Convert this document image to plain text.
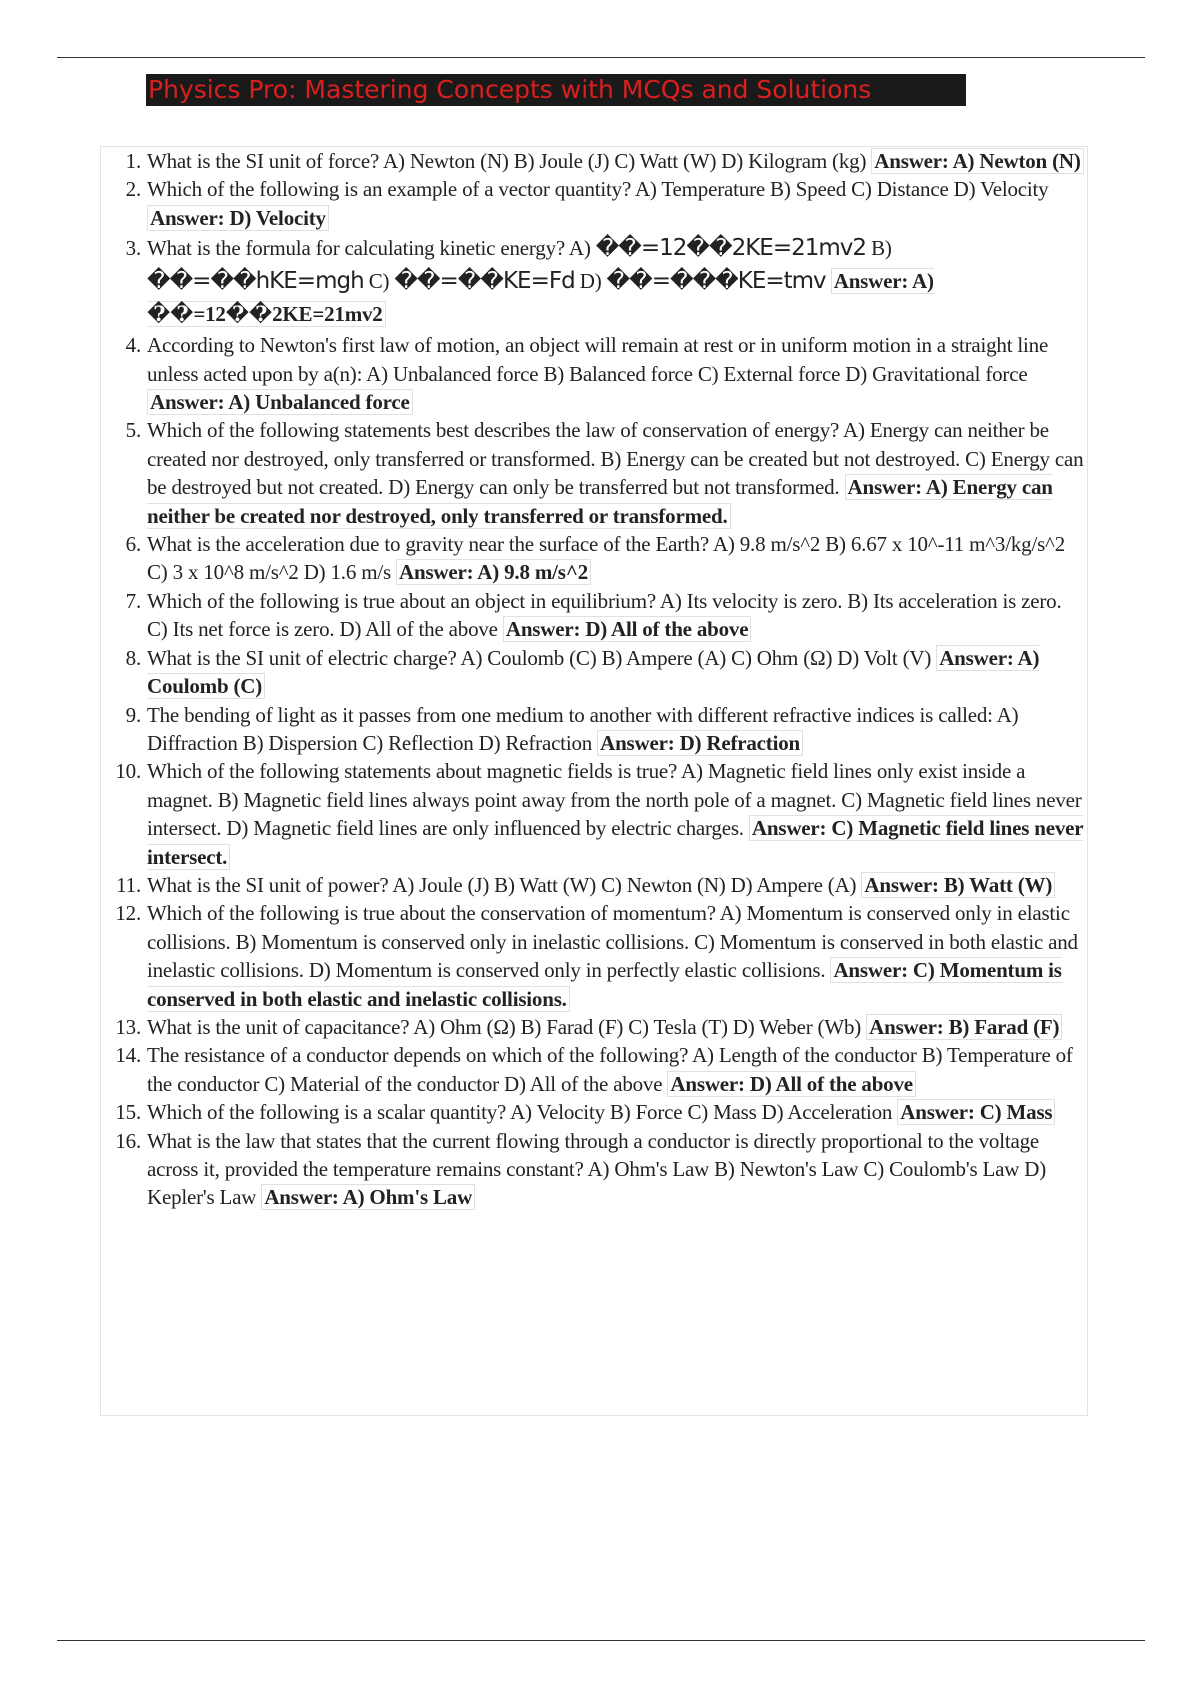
Physics Pro: Mastering Concepts with MCQs and Solutions
1. What is the SI unit of force? A) Newton (N) B) Joule (J) C) Watt (W) D) Kilogram (kg) Answer: A) Newton (N)
2. Which of the following is an example of a vector quantity? A) Temperature B) Speed C) Distance D) Velocity Answer: D) Velocity
3. What is the formula for calculating kinetic energy? A) ��=12��2KE=21mv2 B) ��=��hKE=mgh C) ��=��KE=Fd D) ��=���KE=tmv Answer: A) ��=12��2KE=21mv2
4. According to Newton's first law of motion, an object will remain at rest or in uniform motion in a straight line unless acted upon by a(n): A) Unbalanced force B) Balanced force C) External force D) Gravitational force Answer: A) Unbalanced force
5. Which of the following statements best describes the law of conservation of energy? A) Energy can neither be created nor destroyed, only transferred or transformed. B) Energy can be created but not destroyed. C) Energy can be destroyed but not created. D) Energy can only be transferred but not transformed. Answer: A) Energy can neither be created nor destroyed, only transferred or transformed.
6. What is the acceleration due to gravity near the surface of the Earth? A) 9.8 m/s^2 B) 6.67 x 10^-11 m^3/kg/s^2 C) 3 x 10^8 m/s^2 D) 1.6 m/s Answer: A) 9.8 m/s^2
7. Which of the following is true about an object in equilibrium? A) Its velocity is zero. B) Its acceleration is zero. C) Its net force is zero. D) All of the above Answer: D) All of the above
8. What is the SI unit of electric charge? A) Coulomb (C) B) Ampere (A) C) Ohm (Ω) D) Volt (V) Answer: A) Coulomb (C)
9. The bending of light as it passes from one medium to another with different refractive indices is called: A) Diffraction B) Dispersion C) Reflection D) Refraction Answer: D) Refraction
10. Which of the following statements about magnetic fields is true? A) Magnetic field lines only exist inside a magnet. B) Magnetic field lines always point away from the north pole of a magnet. C) Magnetic field lines never intersect. D) Magnetic field lines are only influenced by electric charges. Answer: C) Magnetic field lines never intersect.
11. What is the SI unit of power? A) Joule (J) B) Watt (W) C) Newton (N) D) Ampere (A) Answer: B) Watt (W)
12. Which of the following is true about the conservation of momentum? A) Momentum is conserved only in elastic collisions. B) Momentum is conserved only in inelastic collisions. C) Momentum is conserved in both elastic and inelastic collisions. D) Momentum is conserved only in perfectly elastic collisions. Answer: C) Momentum is conserved in both elastic and inelastic collisions.
13. What is the unit of capacitance? A) Ohm (Ω) B) Farad (F) C) Tesla (T) D) Weber (Wb) Answer: B) Farad (F)
14. The resistance of a conductor depends on which of the following? A) Length of the conductor B) Temperature of the conductor C) Material of the conductor D) All of the above Answer: D) All of the above
15. Which of the following is a scalar quantity? A) Velocity B) Force C) Mass D) Acceleration Answer: C) Mass
16. What is the law that states that the current flowing through a conductor is directly proportional to the voltage across it, provided the temperature remains constant? A) Ohm's Law B) Newton's Law C) Coulomb's Law D) Kepler's Law Answer: A) Ohm's Law
